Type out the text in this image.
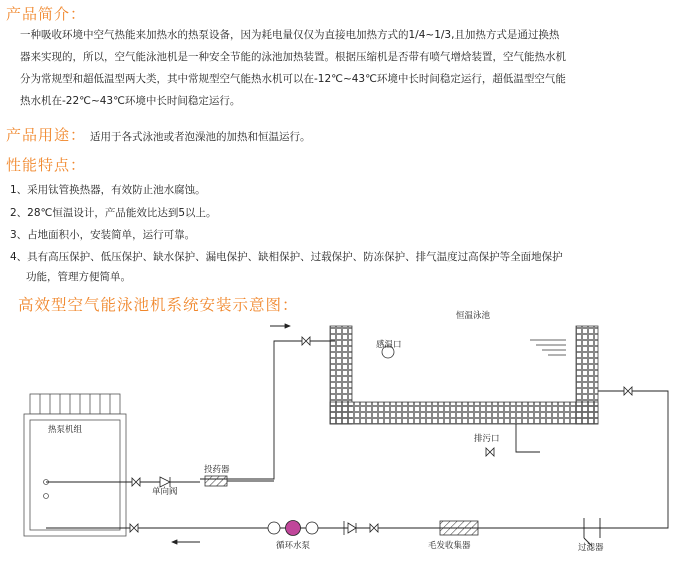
产品简介：
一种吸收环境中空气热能来加热水的热泵设备，因为耗电量仅仅为直接电加热方式的1/4~1/3,且加热方式是通过换热
器来实现的，所以，空气能泳池机是一种安全节能的泳池加热装置。根据压缩机是否带有喷气增焓装置，空气能热水机
分为常规型和超低温型两大类，其中常规型空气能热水机可以在-12℃~43℃环境中长时间稳定运行，超低温型空气能
热水机在-22℃~43℃环境中长时间稳定运行。
产品用途： 适用于各式泳池或者泡澡池的加热和恒温运行。
性能特点：
1、采用钛管换热器，有效防止池水腐蚀。
2、28℃恒温设计，产品能效比达到5以上。
3、占地面积小，安装简单，运行可靠。
4、具有高压保护、低压保护、缺水保护、漏电保护、缺相保护、过载保护、防冻保护、排气温度过高保护等全面地保护
功能，管理方便简单。
高效型空气能泳池机系统安装示意图：
恒温泳池
感温口
排污口
热泵机组
单向阀
投药器
循环水泵	毛发收集器	过滤器
